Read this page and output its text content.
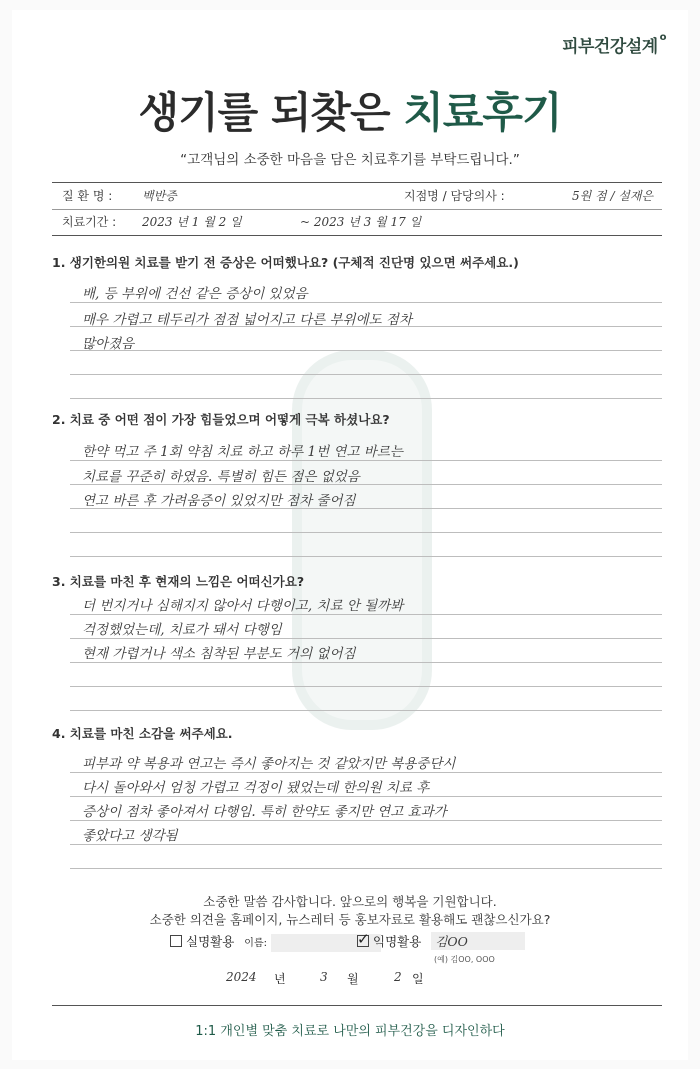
피부건강설계 $^o$
생기를 되찾은 치료후기
“고객님의 소중한 마음을 담은 치료후기를 부탁드립니다.”
질 환 명 : 백반증	지점명 / 담당의사 :	5원 점 / 설재은
치료기간 : 2023 년 1 월 2 일	~ 2023 년 3 월 17 일
1. 생기한의원 치료를 받기 전 증상은 어떠했나요? (구체적 진단명 있으면 써주세요.)
배, 등 부위에 건선 같은 증상이 있었음
매우 가렵고 테두리가 점점 넓어지고 다른 부위에도 점차
많아졌음
2. 치료 중 어떤 점이 가장 힘들었으며 어떻게 극복 하셨나요?
한약 먹고 주 1회 약침 치료 하고 하루 1번 연고 바르는
치료를 꾸준히 하였음. 특별히 힘든 점은 없었음
연고 바른 후 가려움증이 있었지만 점차 줄어짐
3. 치료를 마친 후 현재의 느낌은 어떠신가요?
더 번지거나 심해지지 않아서 다행이고, 치료 안 될까봐
걱정했었는데, 치료가 돼서 다행임
현재 가렵거나 색소 침착된 부분도 거의 없어짐
4. 치료를 마친 소감을 써주세요.
피부과 약 복용과 연고는 즉시 좋아지는 것 같았지만 복용중단시
다시 돌아와서 엄청 가렵고 걱정이 됐었는데 한의원 치료 후
증상이 점차 좋아져서 다행임. 특히 한약도 좋지만 연고 효과가
좋았다고 생각됨
소중한 말씀 감사합니다. 앞으로의 행복을 기원합니다.
소중한 의견을 홈페이지, 뉴스레터 등 홍보자료로 활용해도 괜찮으신가요?
실명활용 이름:	✓ 익명활용 김OO
(예) 김OO, OOO
2024 년	3 월	2 일
1:1 개인별 맞춤 치료로 나만의 피부건강을 디자인하다
